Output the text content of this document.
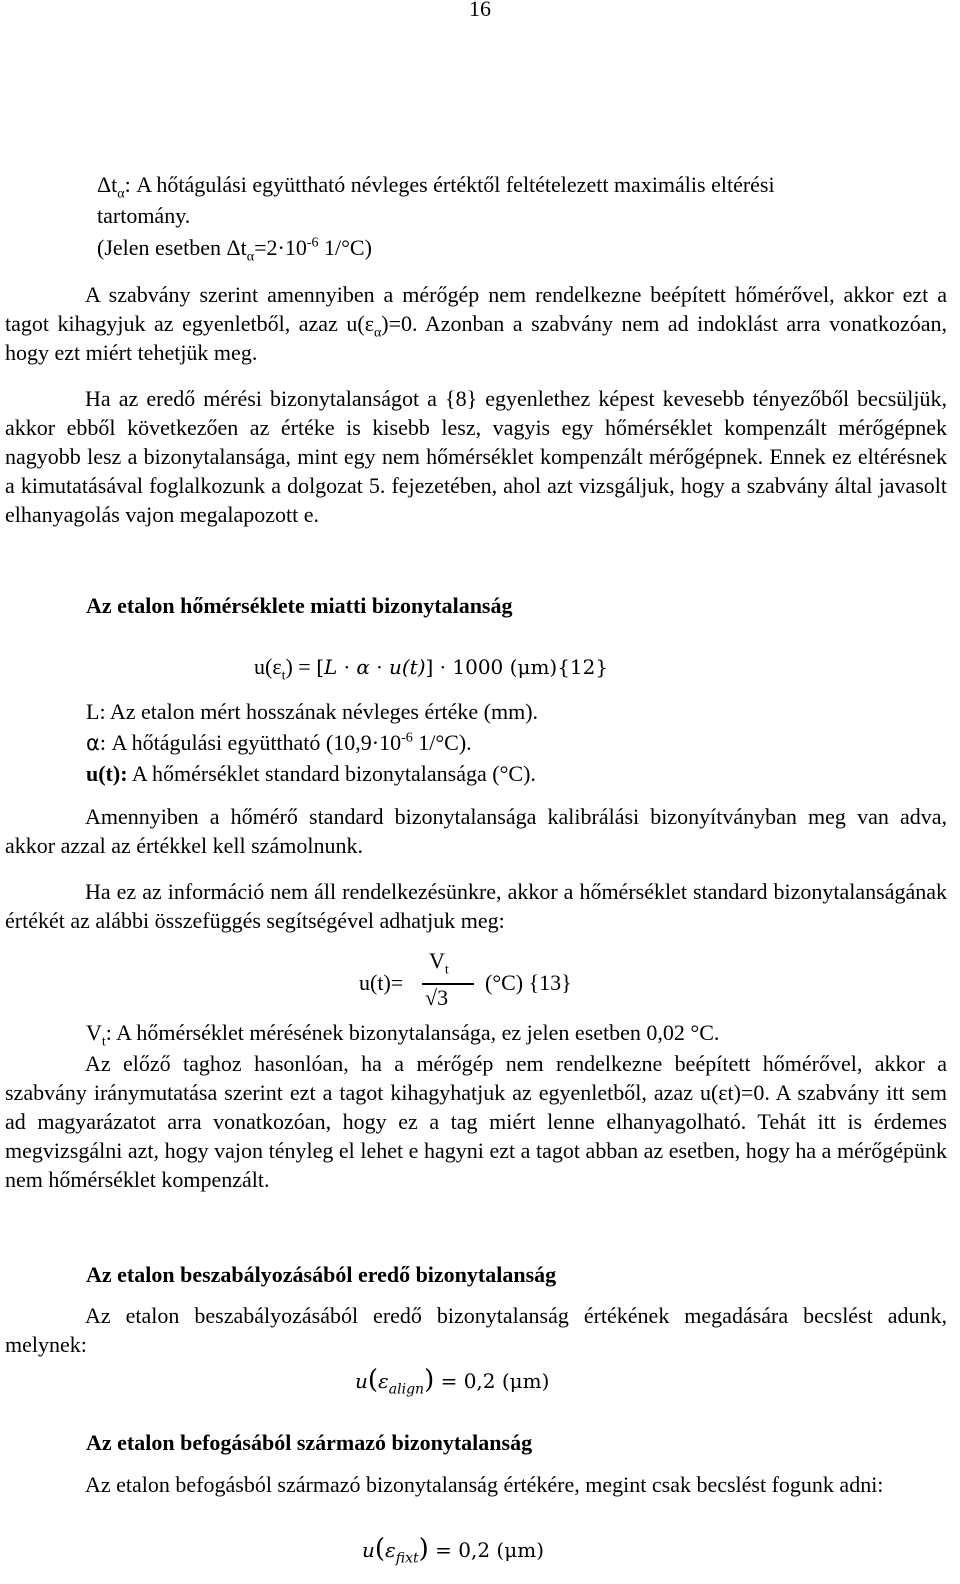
16

$\Delta t_\alpha$: A hőtágulási együttható névleges értéktől feltételezett maximális eltérési

tartomány.

(Jelen esetben $\Delta t_\alpha=2\cdot 10^{-6}$ 1/°C)

A szabvány szerint amennyiben a mérőgép nem rendelkezne beépített hőmérővel, akkor ezt a tagot kihagyjuk az egyenletből, azaz $u(\varepsilon_\alpha)=0$. Azonban a szabvány nem ad indoklást arra vonatkozóan, hogy ezt miért tehetjük meg.

Ha az eredő mérési bizonytalanságot a {8} egyenlethez képest kevesebb tényezőből becsüljük, akkor ebből következően az értéke is kisebb lesz, vagyis egy hőmérséklet kompenzált mérőgépnek nagyobb lesz a bizonytalansága, mint egy nem hőmérséklet kompenzált mérőgépnek. Ennek ez eltérésnek a kimutatásával foglalkozunk a dolgozat 5. fejezetében, ahol azt vizsgáljuk, hogy a szabvány által javasolt elhanyagolás vajon megalapozott e.

Az etalon hőmérséklete miatti bizonytalanság
$u(\varepsilon_t) = [L \cdot \alpha \cdot u(t)] \cdot 1000$ (μm){12}

L: Az etalon mért hosszának névleges értéke (mm).

α: A hőtágulási együttható ($10,9\cdot 10^{-6}$ 1/°C).

u(t): A hőmérséklet standard bizonytalansága (°C).

Amennyiben a hőmérő standard bizonytalansága kalibrálási bizonyítványban meg van adva, akkor azzal az értékkel kell számolnunk.

Ha ez az információ nem áll rendelkezésünkre, akkor a hőmérséklet standard bizonytalanságának értékét az alábbi összefüggés segítségével adhatjuk meg:

u(t)=
$V_t$
√3
(°C) {13}

$V_t$: A hőmérséklet mérésének bizonytalansága, ez jelen esetben 0,02 °C.

Az előző taghoz hasonlóan, ha a mérőgép nem rendelkezne beépített hőmérővel, akkor a szabvány iránymutatása szerint ezt a tagot kihagyhatjuk az egyenletből, azaz u(εt)=0. A szabvány itt sem ad magyarázatot arra vonatkozóan, hogy ez a tag miért lenne elhanyagolható. Tehát itt is érdemes megvizsgálni azt, hogy vajon tényleg el lehet e hagyni ezt a tagot abban az esetben, hogy ha a mérőgépünk nem hőmérséklet kompenzált.

Az etalon beszabályozásából eredő bizonytalanság

Az etalon beszabályozásából eredő bizonytalanság értékének megadására becslést adunk, melynek:

$u(\varepsilon_{align}) = 0,2$ (μm)
Az etalon befogásából származó bizonytalanság

Az etalon befogásból származó bizonytalanság értékére, megint csak becslést fogunk adni:

$u(\varepsilon_{fixt}) = 0,2$ (μm)
